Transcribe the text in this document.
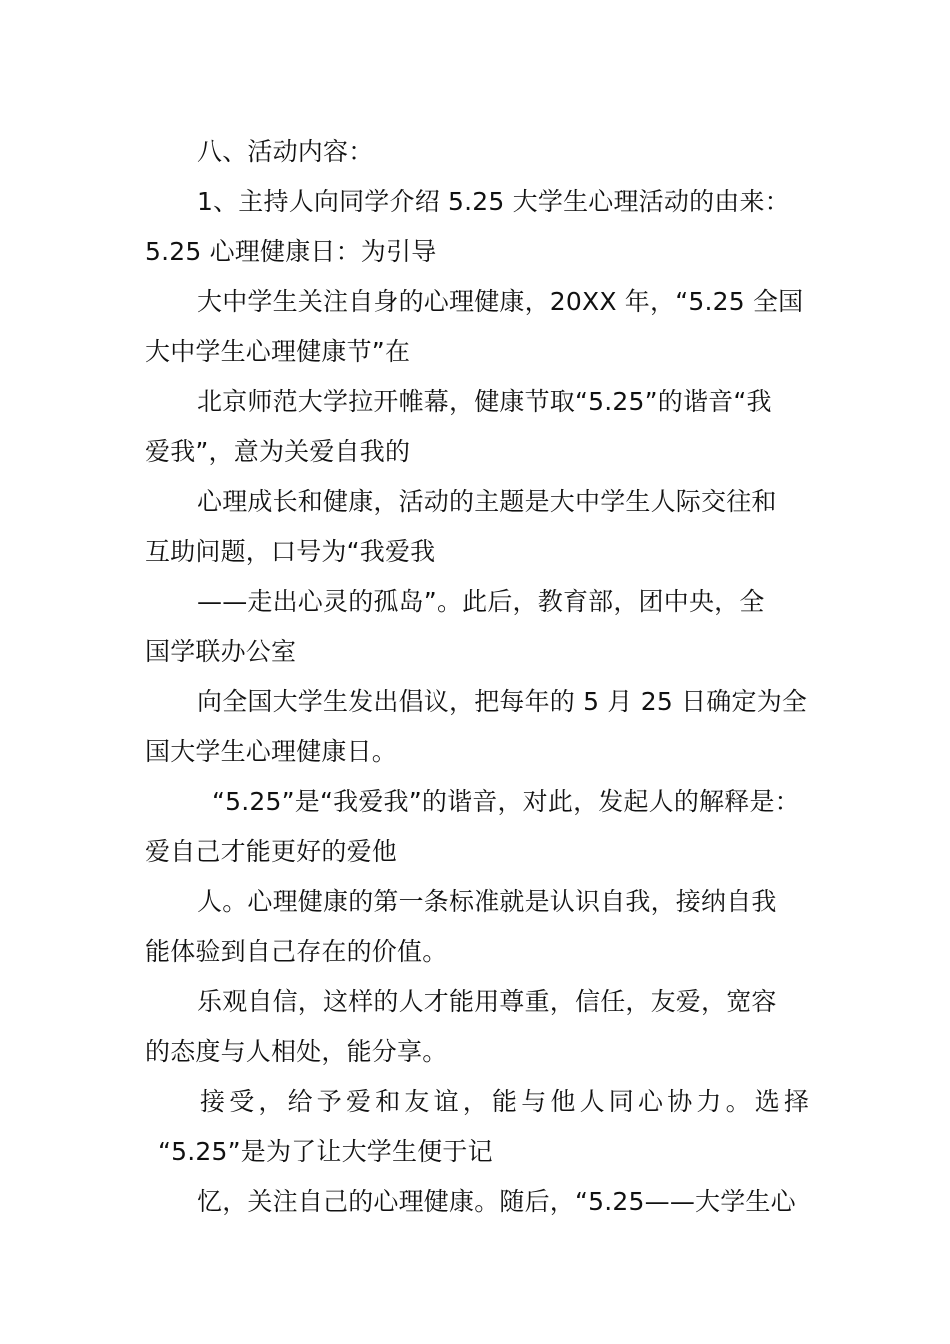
八、活动内容：
1、主持人向同学介绍 5.25 大学生心理活动的由来：
5.25 心理健康日：为引导
大中学生关注自身的心理健康，20XX 年，“5.25 全国
大中学生心理健康节”在
北京师范大学拉开帷幕，健康节取“5.25”的谐音“我
爱我”，意为关爱自我的
心理成长和健康，活动的主题是大中学生人际交往和
互助问题，口号为“我爱我
——走出心灵的孤岛”。此后，教育部，团中央，全
国学联办公室
向全国大学生发出倡议，把每年的 5 月 25 日确定为全
国大学生心理健康日。
“5.25”是“我爱我”的谐音，对此，发起人的解释是：
爱自己才能更好的爱他
人。心理健康的第一条标准就是认识自我，接纳自我
能体验到自己存在的价值。
乐观自信，这样的人才能用尊重，信任，友爱，宽容
的态度与人相处，能分享。
接受，给予爱和友谊，能与他人同心协力。选择
“5.25”是为了让大学生便于记
忆，关注自己的心理健康。随后，“5.25——大学生心
